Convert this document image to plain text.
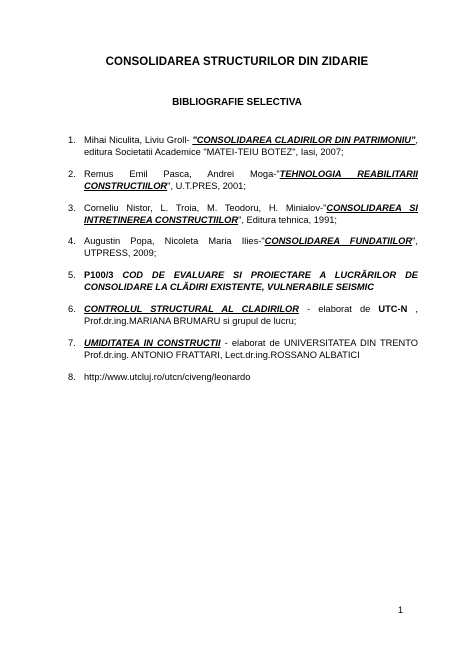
CONSOLIDAREA STRUCTURILOR DIN ZIDARIE
BIBLIOGRAFIE SELECTIVA
1. Mihai Niculita, Liviu Groll- "CONSOLIDAREA CLADIRILOR DIN PATRIMONIU", editura Societatii Academice "MATEI-TEIU BOTEZ", Iasi, 2007;
2. Remus Emil Pasca, Andrei Moga-"TEHNOLOGIA REABILITARII CONSTRUCTIILOR", U.T.PRES, 2001;
3. Corneliu Nistor, L. Troia, M. Teodoru, H. Minialov-"CONSOLIDAREA SI INTRETINEREA CONSTRUCTIILOR", Editura tehnica, 1991;
4. Augustin Popa, Nicoleta Maria Ilies-"CONSOLIDAREA FUNDATIILOR", UTPRESS, 2009;
5. P100/3 COD DE EVALUARE SI PROIECTARE A LUCRĂRILOR DE CONSOLIDARE LA CLĂDIRI EXISTENTE, VULNERABILE SEISMIC
6. CONTROLUL STRUCTURAL AL CLADIRILOR - elaborat de UTC-N , Prof.dr.ing.MARIANA BRUMARU si grupul de lucru;
7. UMIDITATEA IN CONSTRUCTII - elaborat de UNIVERSITATEA DIN TRENTO Prof.dr.ing. ANTONIO FRATTARI, Lect.dr.ing.ROSSANO ALBATICI
8. http://www.utcluj.ro/utcn/civeng/leonardo
1
